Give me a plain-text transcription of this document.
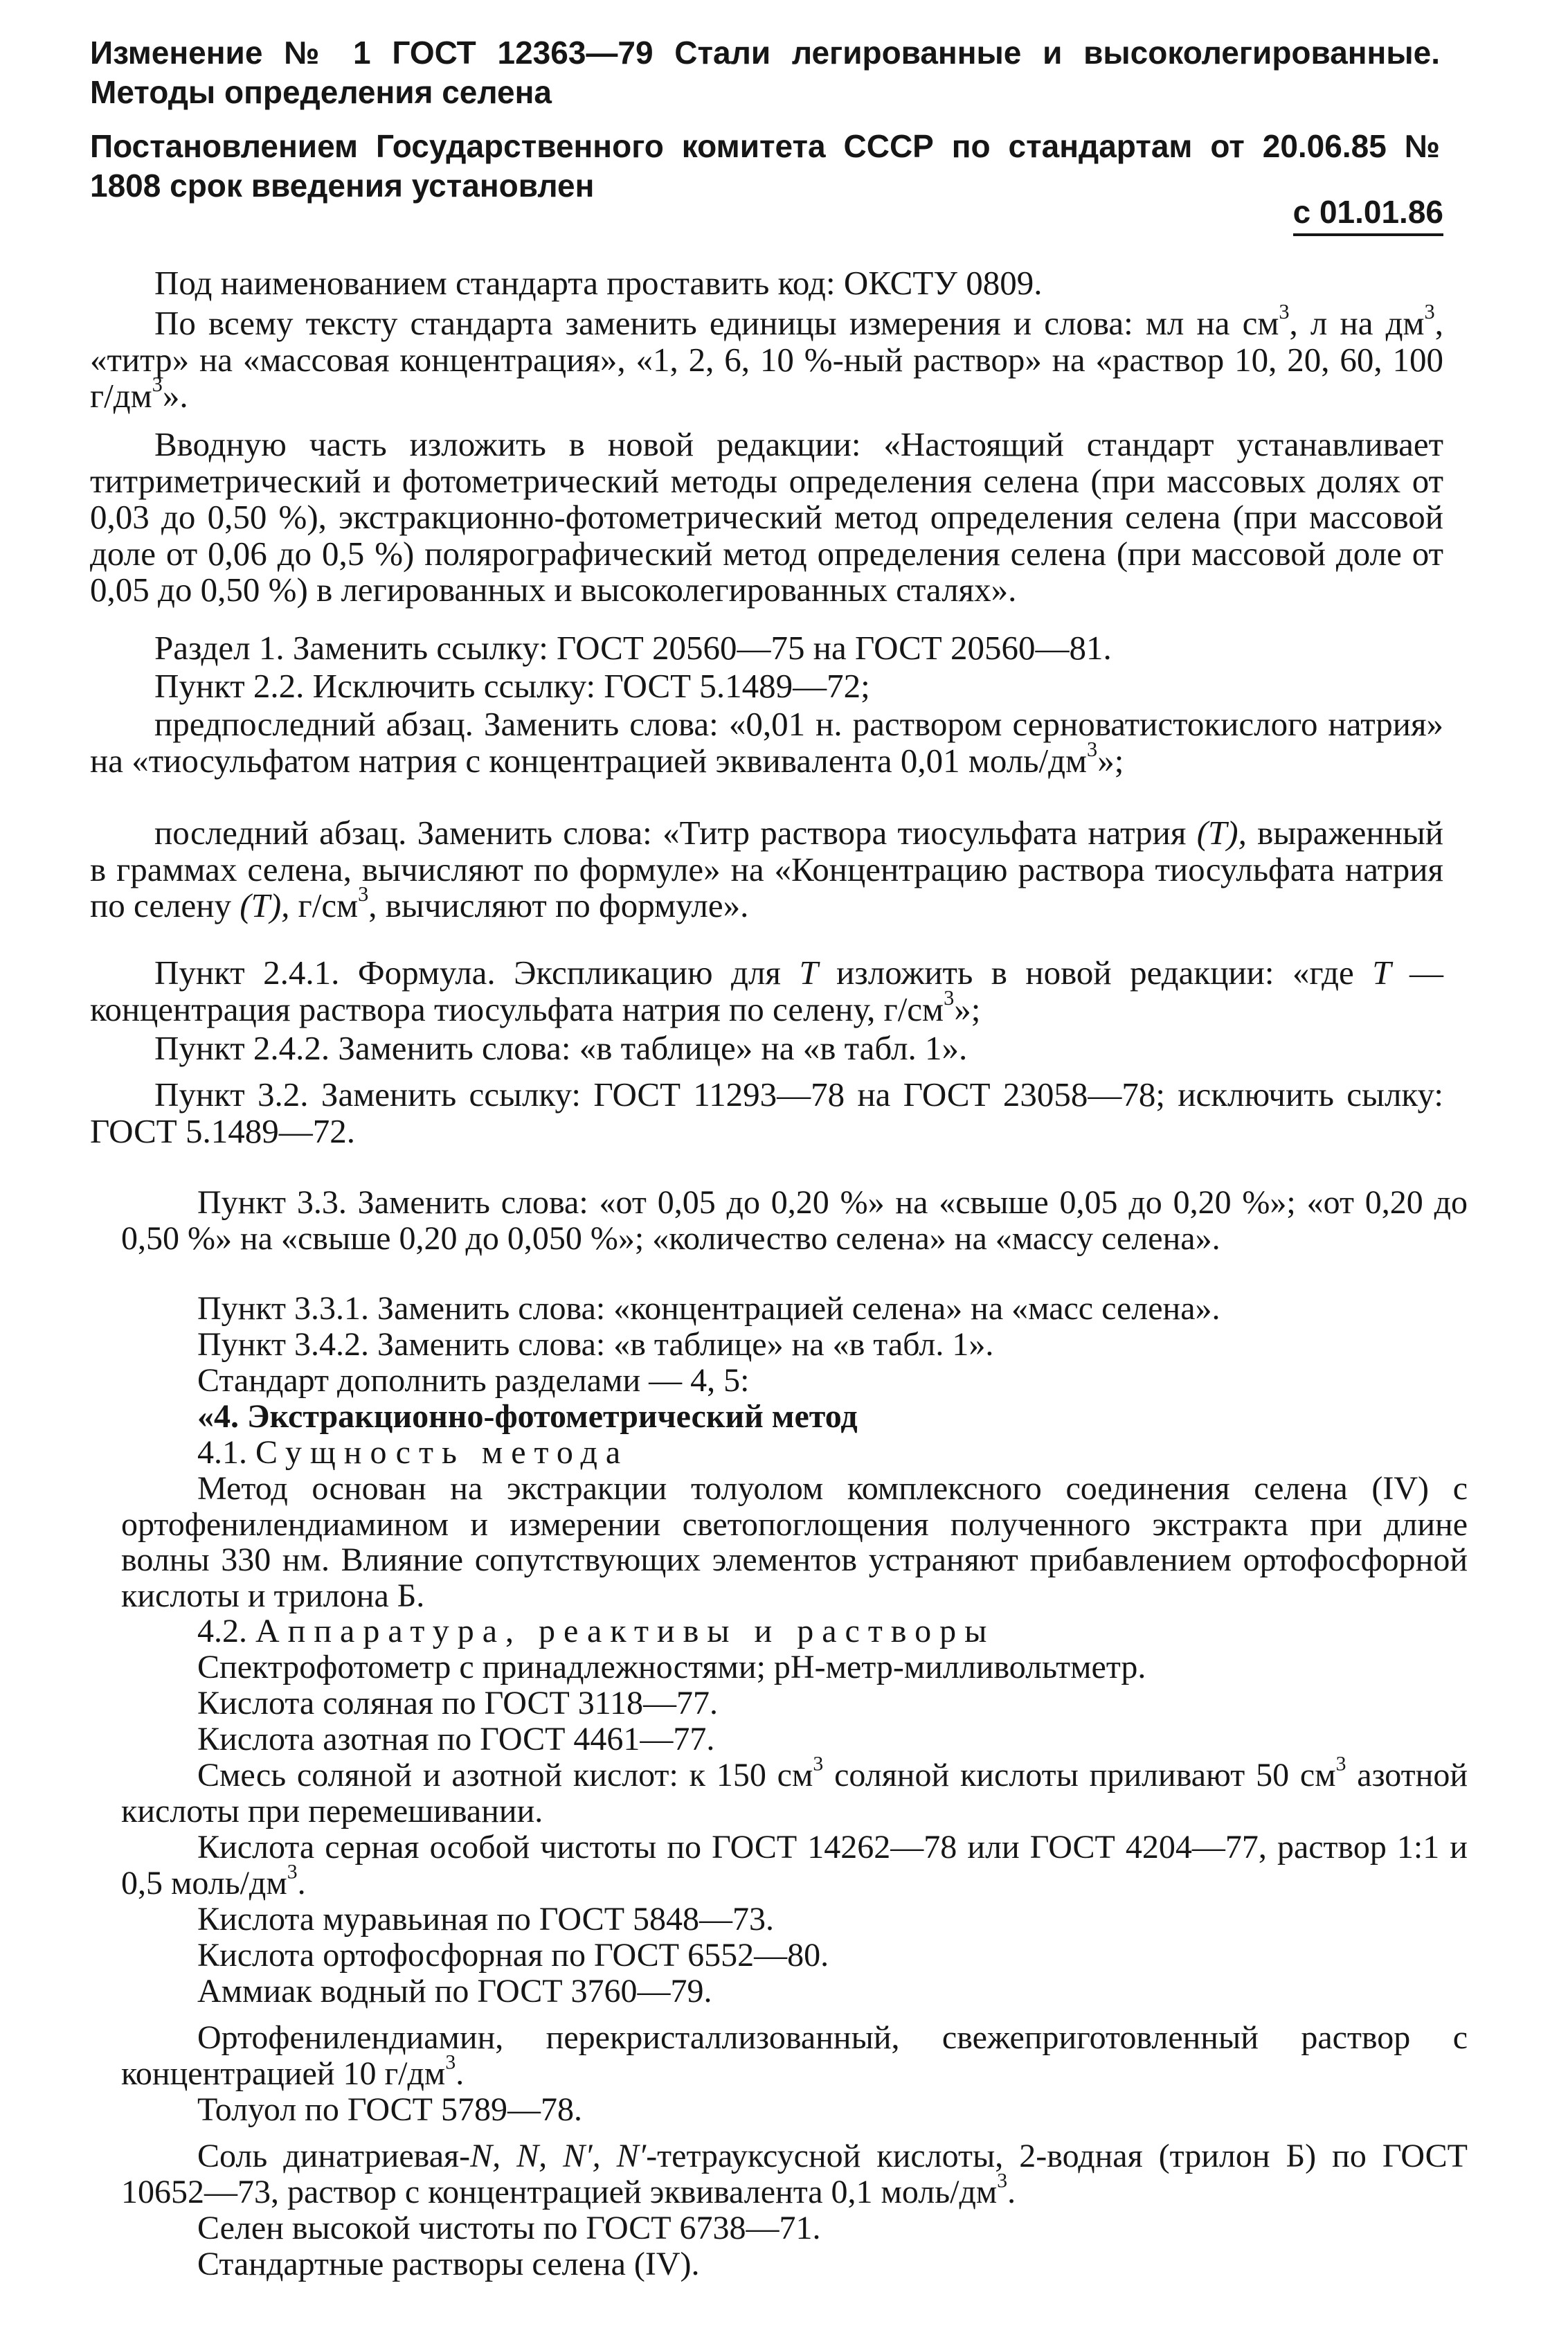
Изменение № 1 ГОСТ 12363—79 Стали легированные и высоколегированные. Методы определения селена
Постановлением Государственного комитета СССР по стандартам от 20.06.85 № 1808 срок введения установлен
с 01.01.86

Под наименованием стандарта проставить код: ОКСТУ 0809.

По всему тексту стандарта заменить единицы измерения и слова: мл на $см^3$, л на $дм^3$, «титр» на «массовая концентрация», «1, 2, 6, 10 %-ный раствор» на «раствор 10, 20, 60, 100 $г/дм^3$».

Вводную часть изложить в новой редакции: «Настоящий стандарт устанавливает титриметрический и фотометрический методы определения селена (при массовых долях от 0,03 до 0,50 %), экстракционно-фотометрический метод определения селена (при массовой доле от 0,06 до 0,5 %) полярографический метод определения селена (при массовой доле от 0,05 до 0,50 %) в легированных и высоколегированных сталях».

Раздел 1. Заменить ссылку: ГОСТ 20560—75 на ГОСТ 20560—81.

Пункт 2.2. Исключить ссылку: ГОСТ 5.1489—72;

предпоследний абзац. Заменить слова: «0,01 н. раствором серноватистокислого натрия» на «тиосульфатом натрия с концентрацией эквивалента 0,01 моль/$дм^3$»;

последний абзац. Заменить слова: «Титр раствора тиосульфата натрия (T), выраженный в граммах селена, вычисляют по формуле» на «Концентрацию раствора тиосульфата натрия по селену (T), $г/см^3$, вычисляют по формуле».

Пункт 2.4.1. Формула. Экспликацию для T изложить в новой редакции: «где T — концентрация раствора тиосульфата натрия по селену, $г/см^3$»;

Пункт 2.4.2. Заменить слова: «в таблице» на «в табл. 1».

Пункт 3.2. Заменить ссылку: ГОСТ 11293—78 на ГОСТ 23058—78; исключить сылку: ГОСТ 5.1489—72.

Пункт 3.3. Заменить слова: «от 0,05 до 0,20 %» на «свыше 0,05 до 0,20 %»; «от 0,20 до 0,50 %» на «свыше 0,20 до 0,050 %»; «количество селена» на «массу селена».

Пункт 3.3.1. Заменить слова: «концентрацией селена» на «масс селена».

Пункт 3.4.2. Заменить слова: «в таблице» на «в табл. 1».

Стандарт дополнить разделами — 4, 5:

«4. Экстракционно-фотометрический метод

4.1. Сущность метода

Метод основан на экстракции толуолом комплексного соединения селена (IV) с ортофенилендиамином и измерении светопоглощения полученного экстракта при длине волны 330 нм. Влияние сопутствующих элементов устраняют прибавлением ортофосфорной кислоты и трилона Б.

4.2. Аппаратура, реактивы и растворы

Спектрофотометр с принадлежностями; рН-метр-милливольтметр.

Кислота соляная по ГОСТ 3118—77.

Кислота азотная по ГОСТ 4461—77.

Смесь соляной и азотной кислот: к 150 $см^3$ соляной кислоты приливают 50 $см^3$ азотной кислоты при перемешивании.

Кислота серная особой чистоты по ГОСТ 14262—78 или ГОСТ 4204—77, раствор 1:1 и 0,5 моль/$дм^3$.

Кислота муравьиная по ГОСТ 5848—73.

Кислота ортофосфорная по ГОСТ 6552—80.

Аммиак водный по ГОСТ 3760—79.

Ортофенилендиамин, перекристаллизованный, свежеприготовленный раствор с концентрацией 10 $г/дм^3$.

Толуол по ГОСТ 5789—78.

Соль динатриевая-N, N, N′, N′-тетрауксусной кислоты, 2-водная (трилон Б) по ГОСТ 10652—73, раствор с концентрацией эквивалента 0,1 моль/$дм^3$.

Селен высокой чистоты по ГОСТ 6738—71.

Стандартные растворы селена (IV).
